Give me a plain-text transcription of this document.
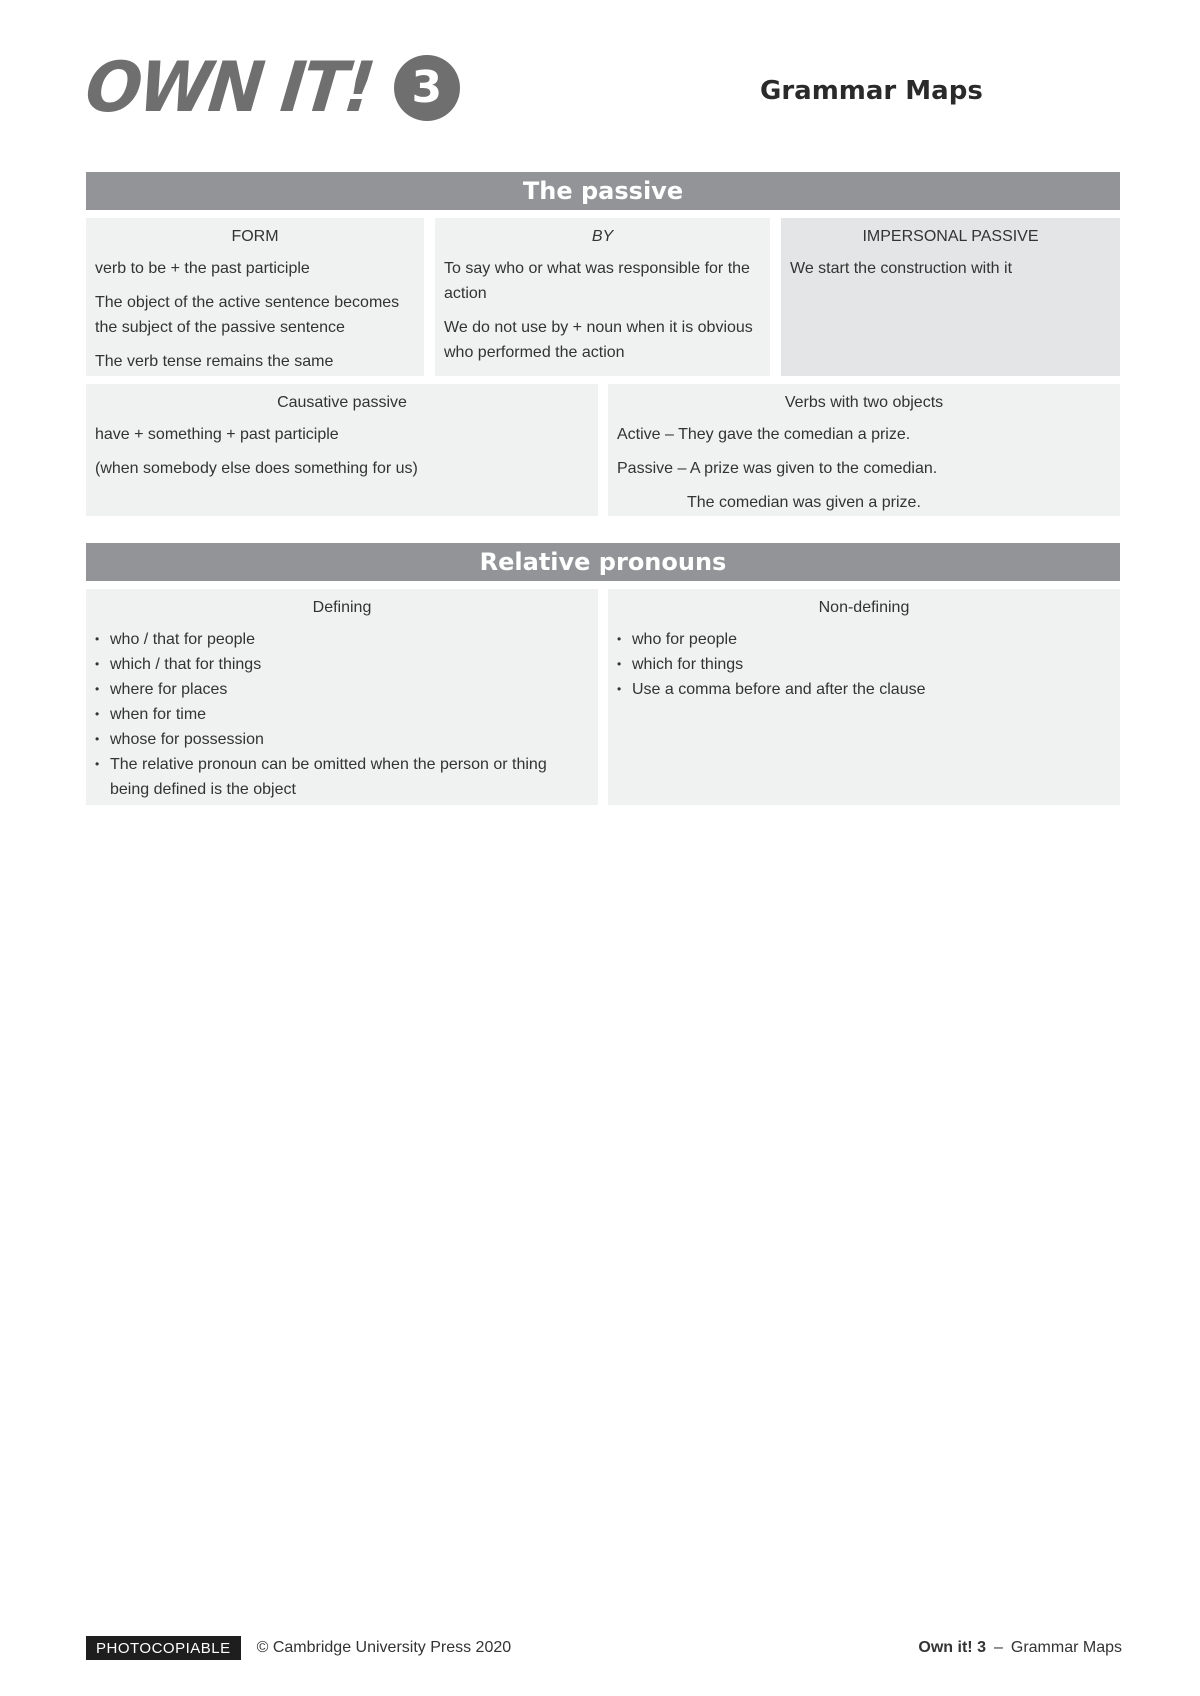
OWN IT! 3	Grammar Maps
The passive
FORM

verb to be + the past participle

The object of the active sentence becomes the subject of the passive sentence

The verb tense remains the same

BY

To say who or what was responsible for the action

We do not use by + noun when it is obvious who performed the action

IMPERSONAL PASSIVE

We start the construction with it

Causative passive

have + something + past participle

(when somebody else does something for us)

Verbs with two objects

Active – They gave the comedian a prize.

Passive – A prize was given to the comedian.

The comedian was given a prize.

Relative pronouns
Defining
• who / that for people
• which / that for things
• where for places
• when for time
• whose for possession
• The relative pronoun can be omitted when the person or thing being defined is the object
Non-defining
• who for people
• which for things
• Use a comma before and after the clause
PHOTOCOPIABLE	© Cambridge University Press 2020	Own it! 3 – Grammar Maps
